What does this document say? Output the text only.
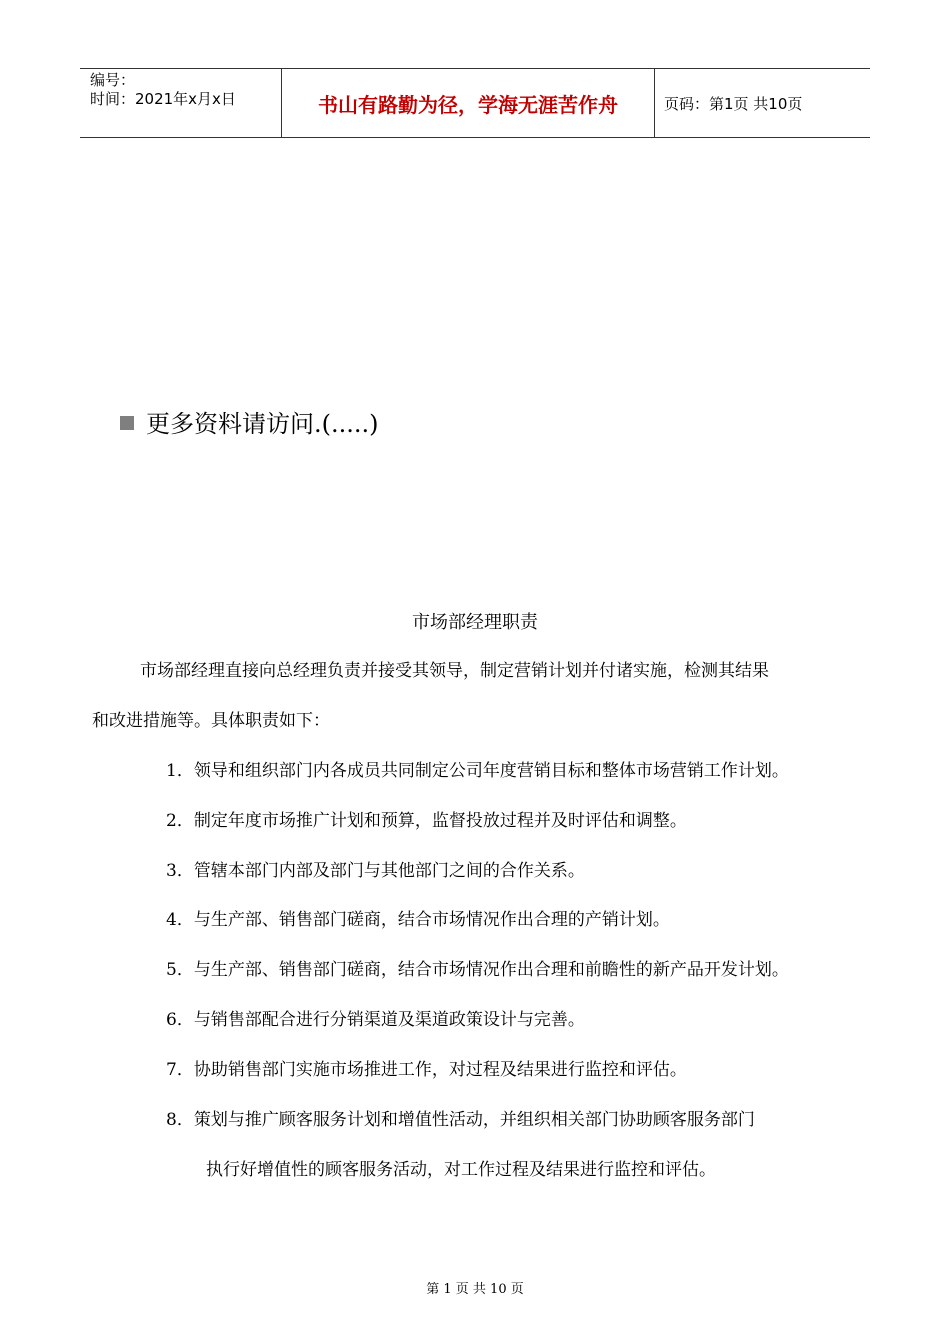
编号：
时间：2021年x月x日	书山有路勤为径，学海无涯苦作舟	页码：第1页 共10页
更多资料请访问.(.....)
市场部经理职责
市场部经理直接向总经理负责并接受其领导，制定营销计划并付诸实施，检测其结果
和改进措施等。具体职责如下：
1．领导和组织部门内各成员共同制定公司年度营销目标和整体市场营销工作计划。
2．制定年度市场推广计划和预算，监督投放过程并及时评估和调整。
3．管辖本部门内部及部门与其他部门之间的合作关系。
4．与生产部、销售部门磋商，结合市场情况作出合理的产销计划。
5．与生产部、销售部门磋商，结合市场情况作出合理和前瞻性的新产品开发计划。
6．与销售部配合进行分销渠道及渠道政策设计与完善。
7．协助销售部门实施市场推进工作，对过程及结果进行监控和评估。
8．策划与推广顾客服务计划和增值性活动，并组织相关部门协助顾客服务部门
执行好增值性的顾客服务活动，对工作过程及结果进行监控和评估。
第 1 页 共 10 页
